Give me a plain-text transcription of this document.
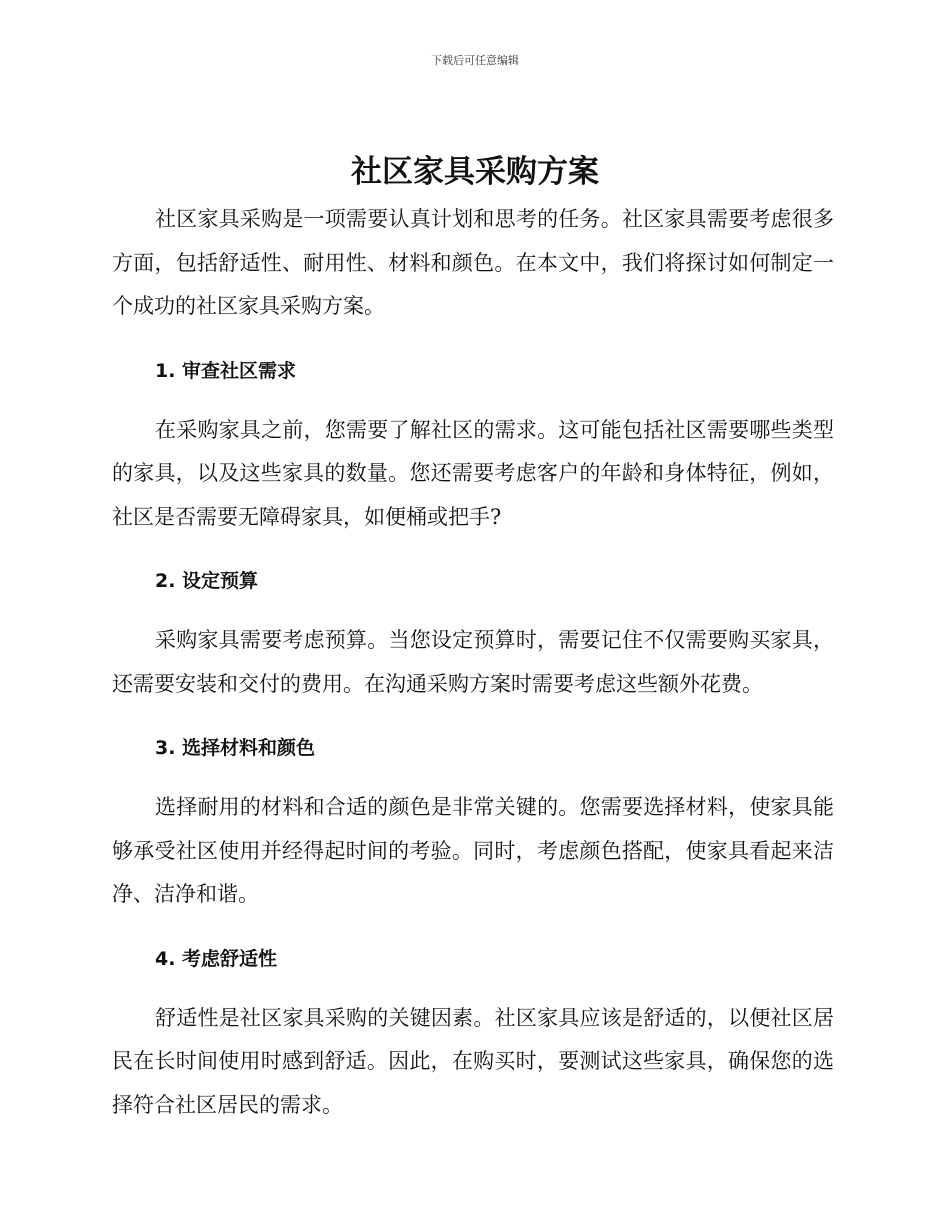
下载后可任意编辑
社区家具采购方案

社区家具采购是一项需要认真计划和思考的任务。社区家具需要考虑很多方面，包括舒适性、耐用性、材料和颜色。在本文中，我们将探讨如何制定一个成功的社区家具采购方案。

1. 审查社区需求

在采购家具之前，您需要了解社区的需求。这可能包括社区需要哪些类型的家具，以及这些家具的数量。您还需要考虑客户的年龄和身体特征，例如，社区是否需要无障碍家具，如便桶或把手?

2. 设定预算

采购家具需要考虑预算。当您设定预算时，需要记住不仅需要购买家具，还需要安装和交付的费用。在沟通采购方案时需要考虑这些额外花费。

3. 选择材料和颜色

选择耐用的材料和合适的颜色是非常关键的。您需要选择材料，使家具能够承受社区使用并经得起时间的考验。同时，考虑颜色搭配，使家具看起来洁净、洁净和谐。

4. 考虑舒适性

舒适性是社区家具采购的关键因素。社区家具应该是舒适的，以便社区居民在长时间使用时感到舒适。因此，在购买时，要测试这些家具，确保您的选择符合社区居民的需求。
